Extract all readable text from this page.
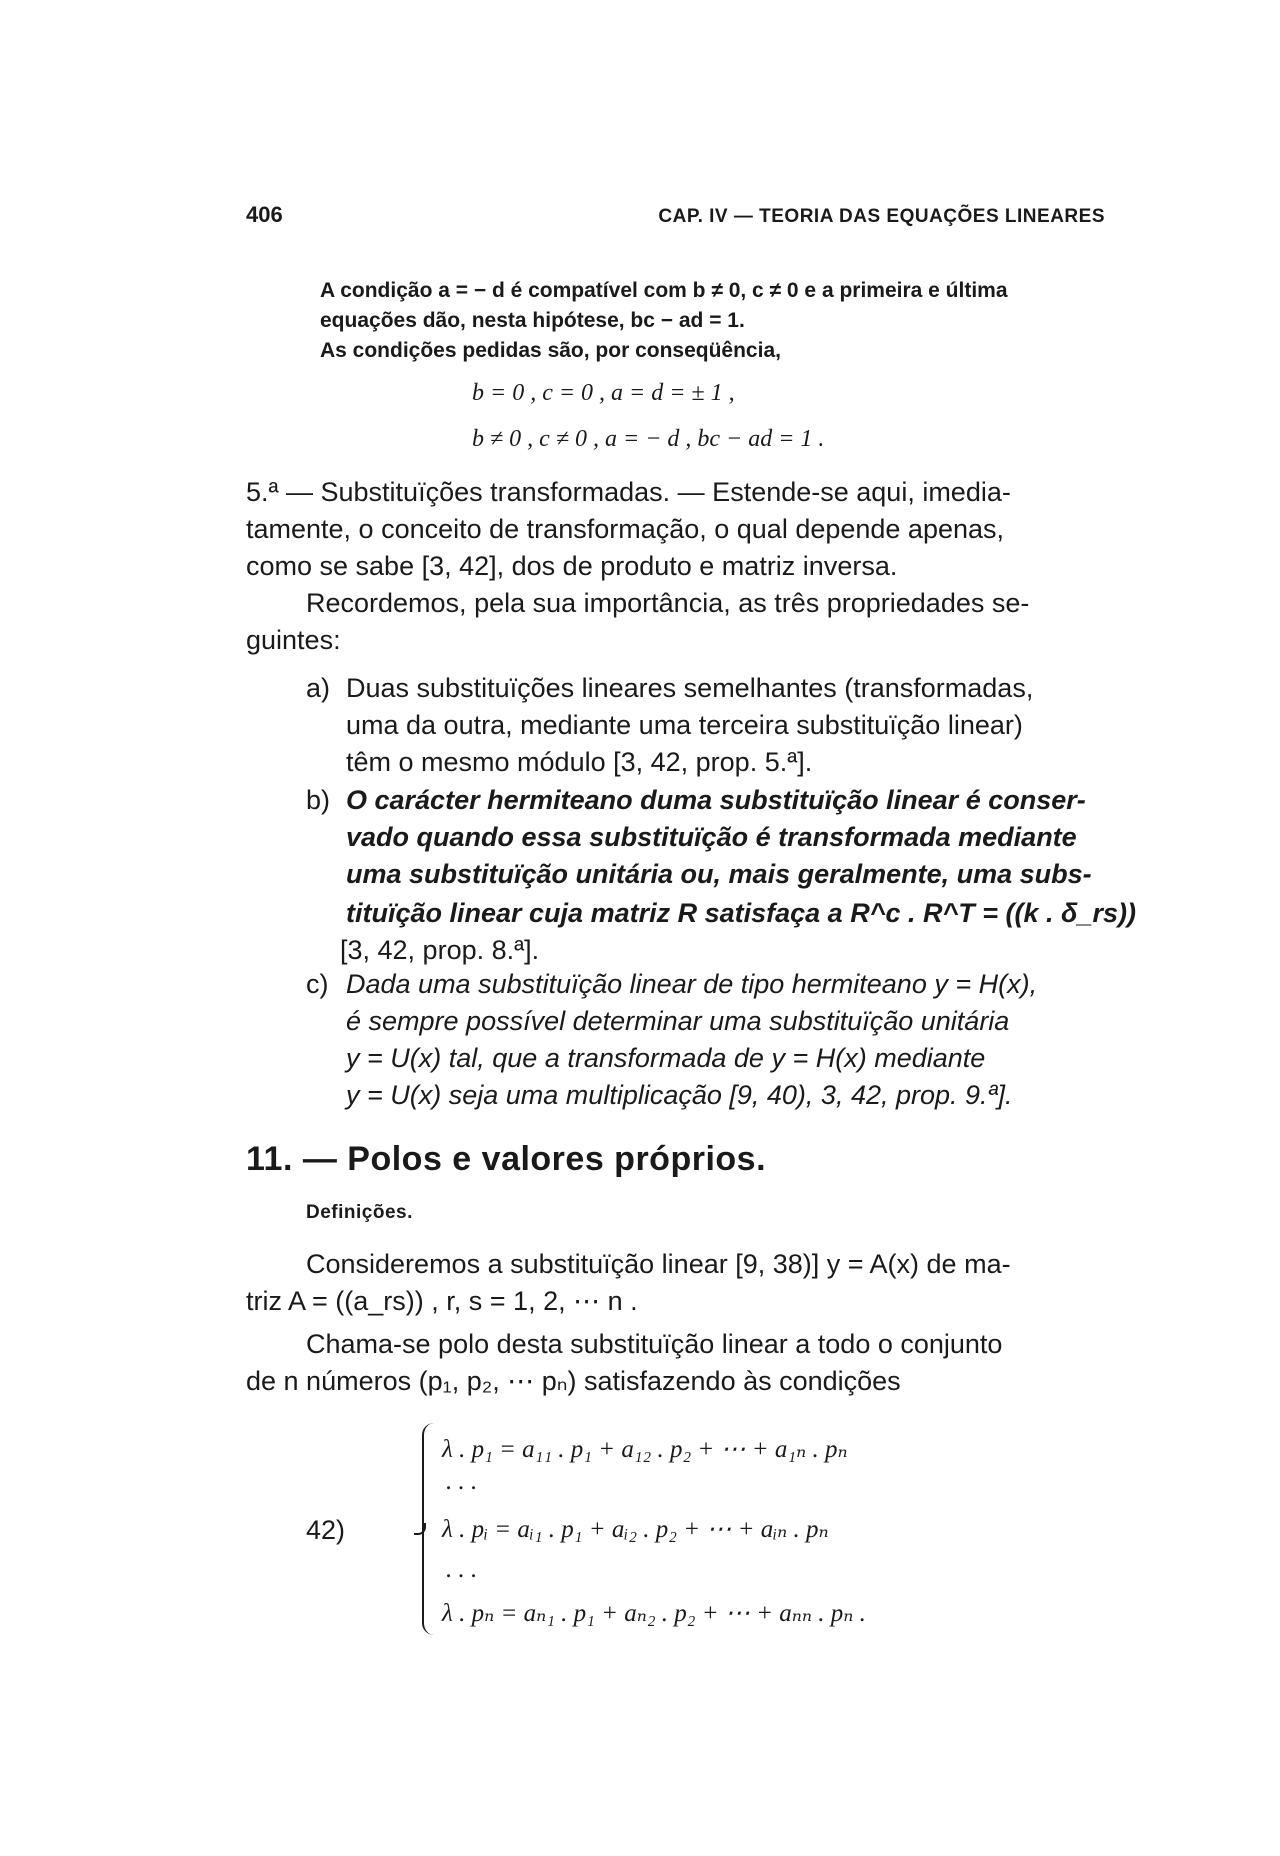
406	CAP. IV — TEORIA DAS EQUAÇÕES LINEARES
A condição a = − d é compatível com b ≠ 0, c ≠ 0 e a primeira e última
equações dão, nesta hipótese, bc − ad = 1.
As condições pedidas são, por conseqüência,
b = 0 , c = 0 , a = d = ± 1 ,
b ≠ 0 , c ≠ 0 , a = − d , bc − ad = 1 .
5.ª — Substituïções transformadas. — Estende-se aqui, imedia-
tamente, o conceito de transformação, o qual depende apenas,
como se sabe [3, 42], dos de produto e matriz inversa.
Recordemos, pela sua importância, as três propriedades se-
guintes:
a) Duas substituïções lineares semelhantes (transformadas,
uma da outra, mediante uma terceira substituïção linear)
têm o mesmo módulo [3, 42, prop. 5.ª].
b) O carácter hermiteano duma substituïção linear é conser-
vado quando essa substituïção é transformada mediante
uma substituïção unitária ou, mais geralmente, uma subs-
tituïção linear cuja matriz R satisfaça a R^c . R^T = ((k . δ_rs))
[3, 42, prop. 8.ª].
c) Dada uma substituïção linear de tipo hermiteano y = H(x),
é sempre possível determinar uma substituïção unitária
y = U(x) tal, que a transformada de y = H(x) mediante
y = U(x) seja uma multiplicação [9, 40), 3, 42, prop. 9.ª].
11. — Polos e valores próprios.
Definições.
Consideremos a substituïção linear [9, 38)] y = A(x) de ma-
triz A = ((a_rs)) , r, s = 1, 2, ⋯ n .
Chama-se polo desta substituïção linear a todo o conjunto
de n números (p₁, p₂, ⋯ pₙ) satisfazendo às condições
42)
λ . p₁ = a₁₁ . p₁ + a₁₂ . p₂ + ⋯ + a₁ₙ . pₙ
. . .
λ . pᵢ = aᵢ₁ . p₁ + aᵢ₂ . p₂ + ⋯ + aᵢₙ . pₙ
. . .
λ . pₙ = aₙ₁ . p₁ + aₙ₂ . p₂ + ⋯ + aₙₙ . pₙ .
